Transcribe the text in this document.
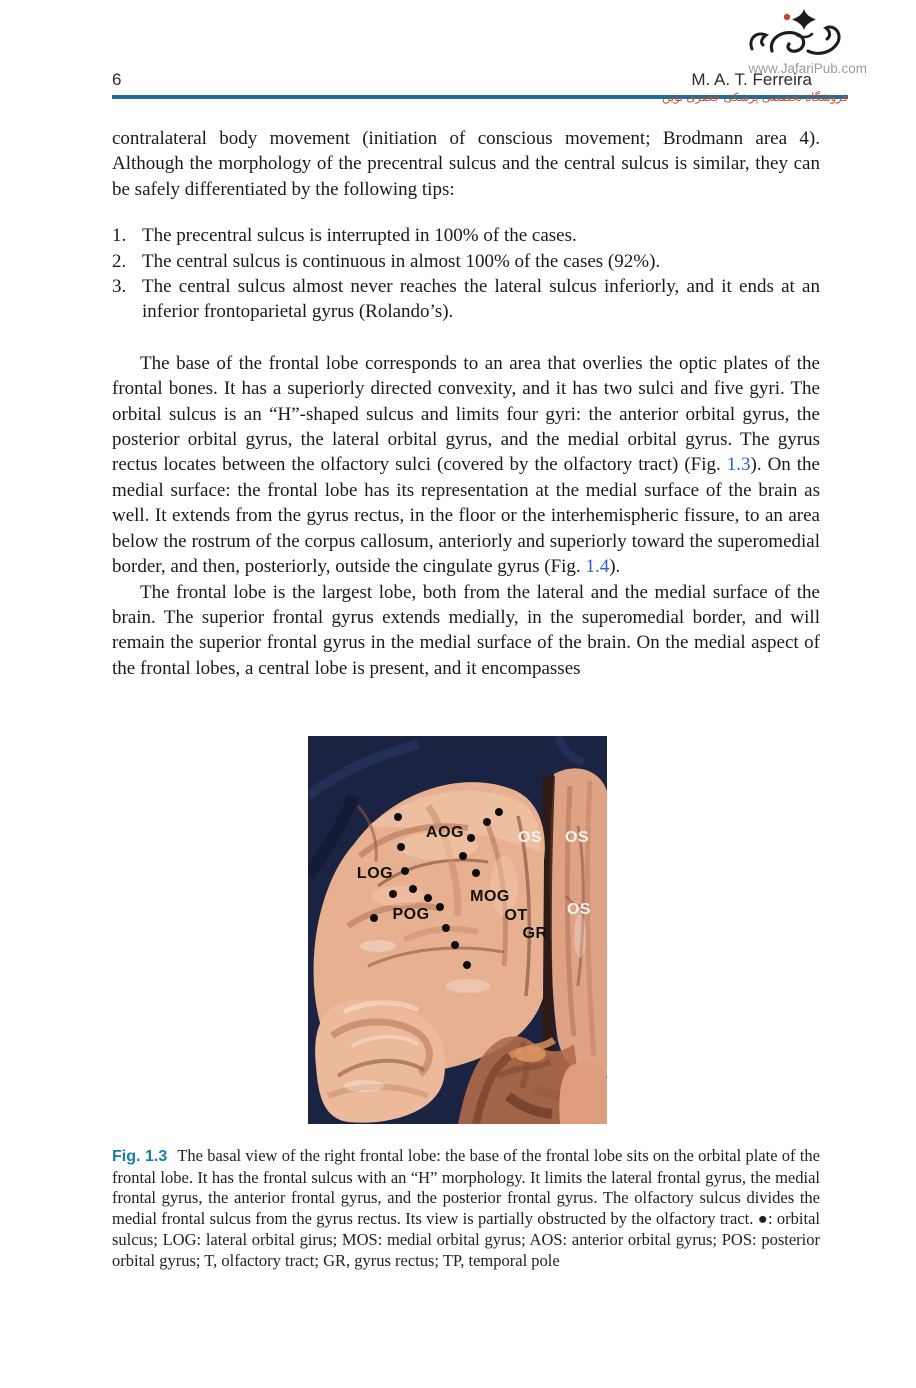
6	M. A. T. Ferreira
www.JafariPub.com
فروشگاه تخصصی پزشکی جعفری نوین

contralateral body movement (initiation of conscious movement; Brodmann area 4). Although the morphology of the precentral sulcus and the central sulcus is similar, they can be safely differentiated by the following tips:

1. The precentral sulcus is interrupted in 100% of the cases.
2. The central sulcus is continuous in almost 100% of the cases (92%).
3. The central sulcus almost never reaches the lateral sulcus inferiorly, and it ends at an inferior frontoparietal gyrus (Rolando’s).

The base of the frontal lobe corresponds to an area that overlies the optic plates of the frontal bones. It has a superiorly directed convexity, and it has two sulci and five gyri. The orbital sulcus is an “H”-shaped sulcus and limits four gyri: the anterior orbital gyrus, the posterior orbital gyrus, the lateral orbital gyrus, and the medial orbital gyrus. The gyrus rectus locates between the olfactory sulci (covered by the olfactory tract) (Fig. 1.3). On the medial surface: the frontal lobe has its representation at the medial surface of the brain as well. It extends from the gyrus rectus, in the floor or the interhemispheric fissure, to an area below the rostrum of the corpus callosum, anteriorly and superiorly toward the superomedial border, and then, posteriorly, outside the cingulate gyrus (Fig. 1.4).

The frontal lobe is the largest lobe, both from the lateral and the medial surface of the brain. The superior frontal gyrus extends medially, in the superomedial border, and will remain the superior frontal gyrus in the medial surface of the brain. On the medial aspect of the frontal lobes, a central lobe is present, and it encompasses

AOG	OS OS
LOG
MOG
POG	OT OS
GR

Fig. 1.3 The basal view of the right frontal lobe: the base of the frontal lobe sits on the orbital plate of the frontal lobe. It has the frontal sulcus with an “H” morphology. It limits the lateral frontal gyrus, the medial frontal gyrus, the anterior frontal gyrus, and the posterior frontal gyrus. The olfactory sulcus divides the medial frontal sulcus from the gyrus rectus. Its view is partially obstructed by the olfactory tract. ●: orbital sulcus; LOG: lateral orbital girus; MOS: medial orbital gyrus; AOS: anterior orbital gyrus; POS: posterior orbital gyrus; T, olfactory tract; GR, gyrus rectus; TP, temporal pole
